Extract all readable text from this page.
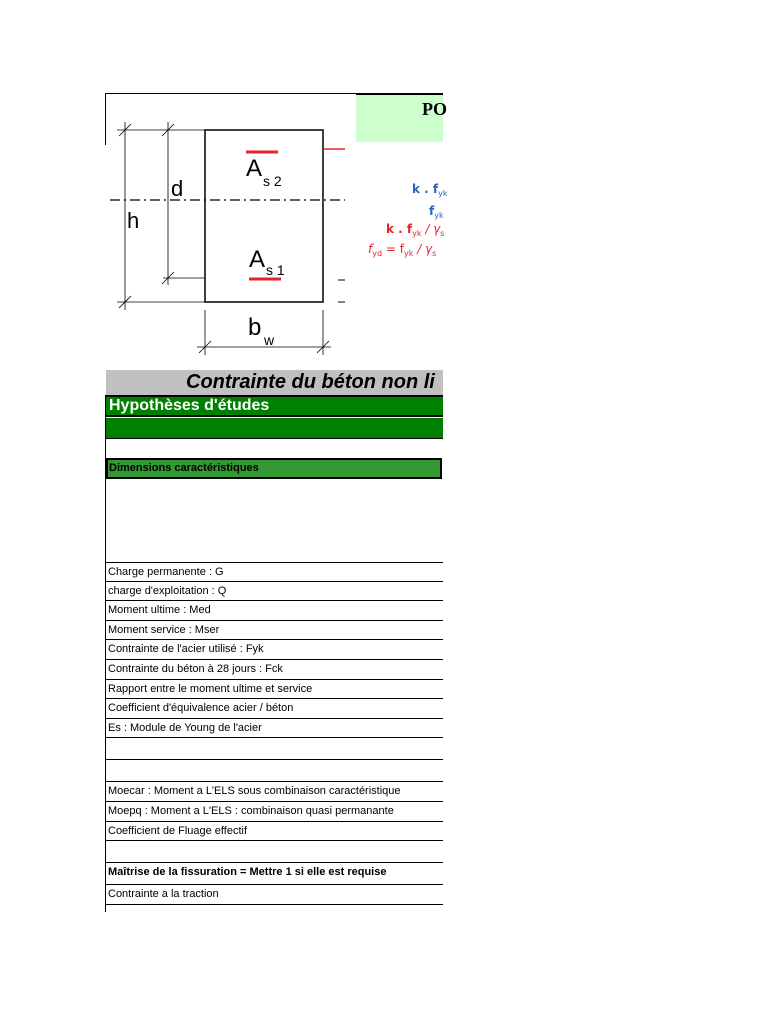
PO
d
h
A s 2
A s 1
b w
k . $f_{yk}$
$f_{yk}$
k . $f_{yk} / \gamma_s$
$f_{yd} = f_{yk} / \gamma_s$
Contrainte du béton non li
Hypothèses d'études
Dimensions caractéristiques
Charge permanente : G
charge d'exploitation : Q
Moment ultime : Med
Moment service : Mser
Contrainte de l'acier utilisé : Fyk
Contrainte du béton à 28 jours : Fck
Rapport entre le moment ultime et service
Coefficient d'équivalence acier / béton
Es : Module de Young de l'acier
Moecar : Moment a L'ELS sous combinaison caractéristique
Moepq : Moment a L'ELS : combinaison quasi permanante
Coefficient de Fluage effectif
Maîtrise de la fissuration = Mettre 1 si elle est requise
Contrainte a la traction
